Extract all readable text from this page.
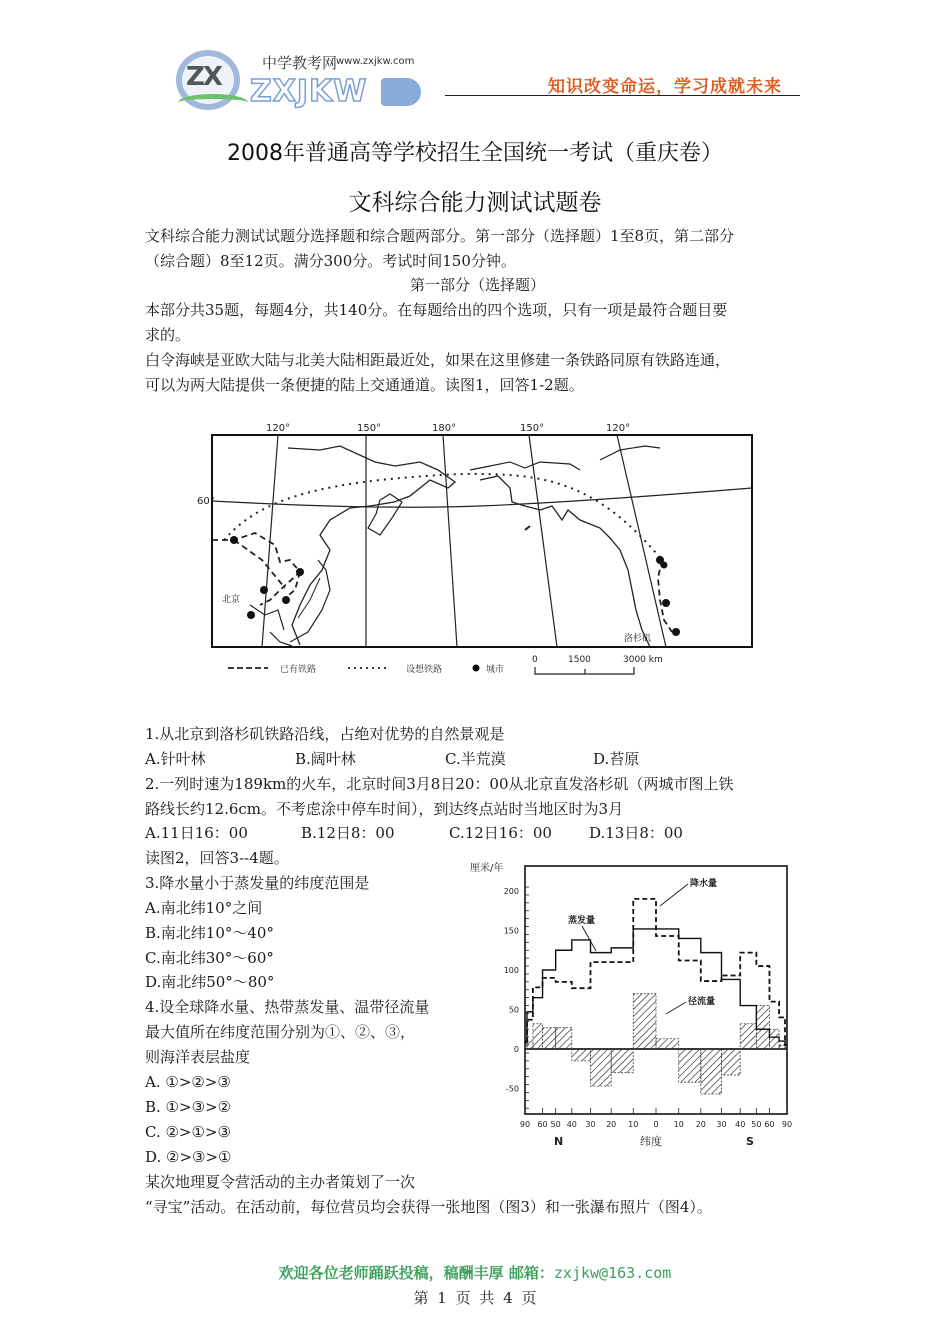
ZX	中学教考网
www.zxjkw.com
ZXJKW	知识改变命运，学习成就未来
2008年普通高等学校招生全国统一考试（重庆卷）
文科综合能力测试试题卷
文科综合能力测试试题分选择题和综合题两部分。第一部分（选择题）1至8页，第二部分
（综合题）8至12页。满分300分。考试时间150分钟。
第一部分（选择题）
本部分共35题，每题4分，共140分。在每题给出的四个选项，只有一项是最符合题目要
求的。
白令海峡是亚欧大陆与北美大陆相距最近处，如果在这里修建一条铁路同原有铁路连通，
可以为两大陆提供一条便捷的陆上交通通道。读图1，回答1-2题。
120°	150°	180°	150°	120°
60°
北京
洛杉矶
已有铁路	设想铁路	城市
0	1500	3000 km
1.从北京到洛杉矶铁路沿线，占绝对优势的自然景观是
A.针叶林	B.阔叶林	C.半荒漠	D.苔原
2.一列时速为189km的火车，北京时间3月8日20：00从北京直发洛杉矶（两城市图上铁
路线长约12.6cm。不考虑涂中停车时间），到达终点站时当地区时为3月
A.11日16：00	B.12日8：00	C.12日16：00	D.13日8：00
读图2，回答3--4题。
3.降水量小于蒸发量的纬度范围是
A.南北纬10°之间
B.南北纬10°～40°
C.南北纬30°～60°
D.南北纬50°～80°
4.设全球降水量、热带蒸发量、温带径流量
最大值所在纬度范围分别为①、②、③，
则海洋表层盐度
A. ①>②>③
B. ①>③>②
C. ②>①>③
D. ②>③>①
厘米/年
200
150
100
50
0
-50
90 60 50 40 30 20 10 0 10 20 30 40 50 60 90
N	纬度	S
降水量
蒸发量
径流量
某次地理夏令营活动的主办者策划了一次
“寻宝”活动。在活动前，每位营员均会获得一张地图（图3）和一张瀑布照片（图4）。
欢迎各位老师踊跃投稿，稿酬丰厚 邮箱：zxjkw@163.com
第 1 页 共 4 页
